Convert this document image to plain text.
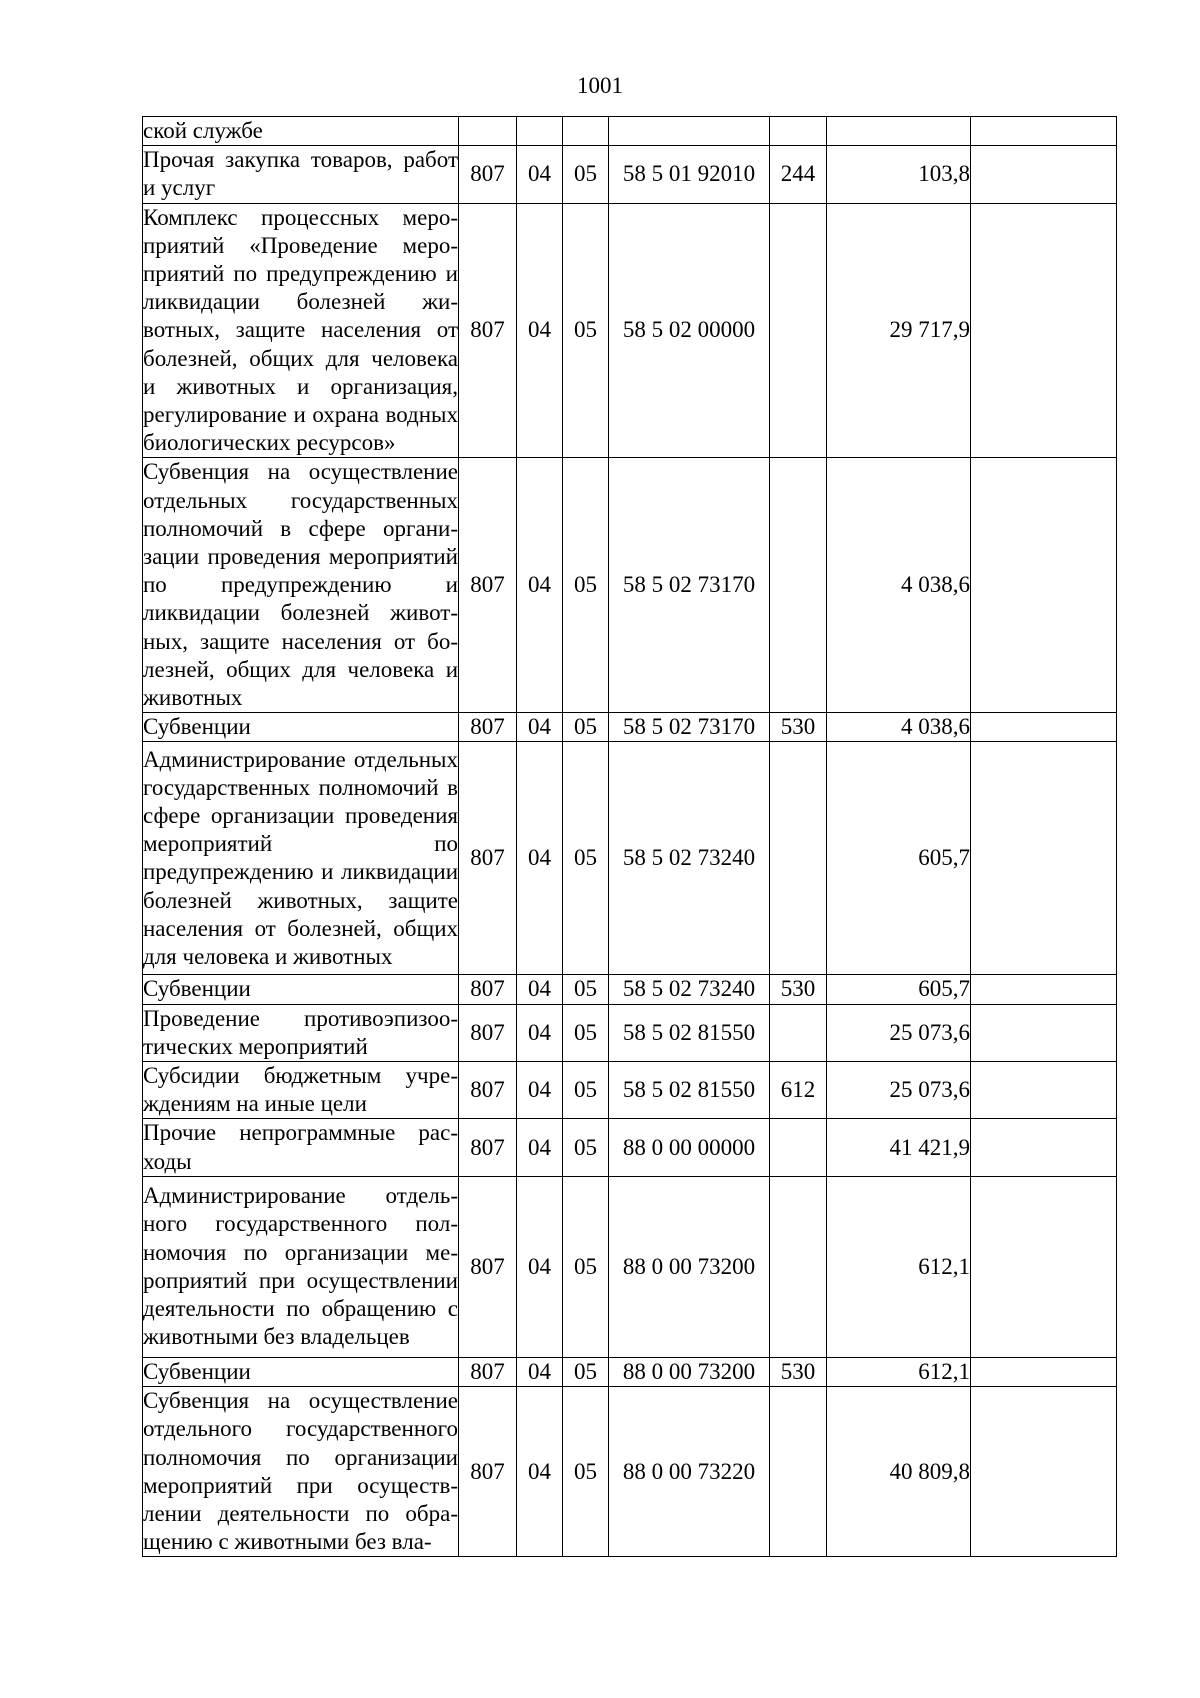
1001
ской службе							
Прочая закупка товаров, работ и услуг	807	04	05	58 5 01 92010	244	103,8	
Комплекс процессных мероприятий «Проведение мероприятий по предупреждению и ликвидации болезней животных, защите населения от болезней, общих для человека и животных и организация, регулирование и охрана водных биологических ресурсов»	807	04	05	58 5 02 00000		29 717,9	
Субвенция на осуществление отдельных государственных полномочий в сфере организации проведения мероприятий по предупреждению и ликвидации болезней животных, защите населения от болезней, общих для человека и животных	807	04	05	58 5 02 73170		4 038,6	
Субвенции	807	04	05	58 5 02 73170	530	4 038,6	
Администрирование отдельных государственных полномочий в сфере организации проведения мероприятий по предупреждению и ликвидации болезней животных, защите населения от болезней, общих для человека и животных	807	04	05	58 5 02 73240		605,7	
Субвенции	807	04	05	58 5 02 73240	530	605,7	
Проведение противоэпизоотических мероприятий	807	04	05	58 5 02 81550		25 073,6	
Субсидии бюджетным учреждениям на иные цели	807	04	05	58 5 02 81550	612	25 073,6	
Прочие непрограммные расходы	807	04	05	88 0 00 00000		41 421,9	
Администрирование отдельного государственного полномочия по организации мероприятий при осуществлении деятельности по обращению с животными без владельцев	807	04	05	88 0 00 73200		612,1	
Субвенции	807	04	05	88 0 00 73200	530	612,1	
Субвенция на осуществление отдельного государственного полномочия по организации мероприятий при осуществлении деятельности по обращению с животными без вла-	807	04	05	88 0 00 73220		40 809,8	
